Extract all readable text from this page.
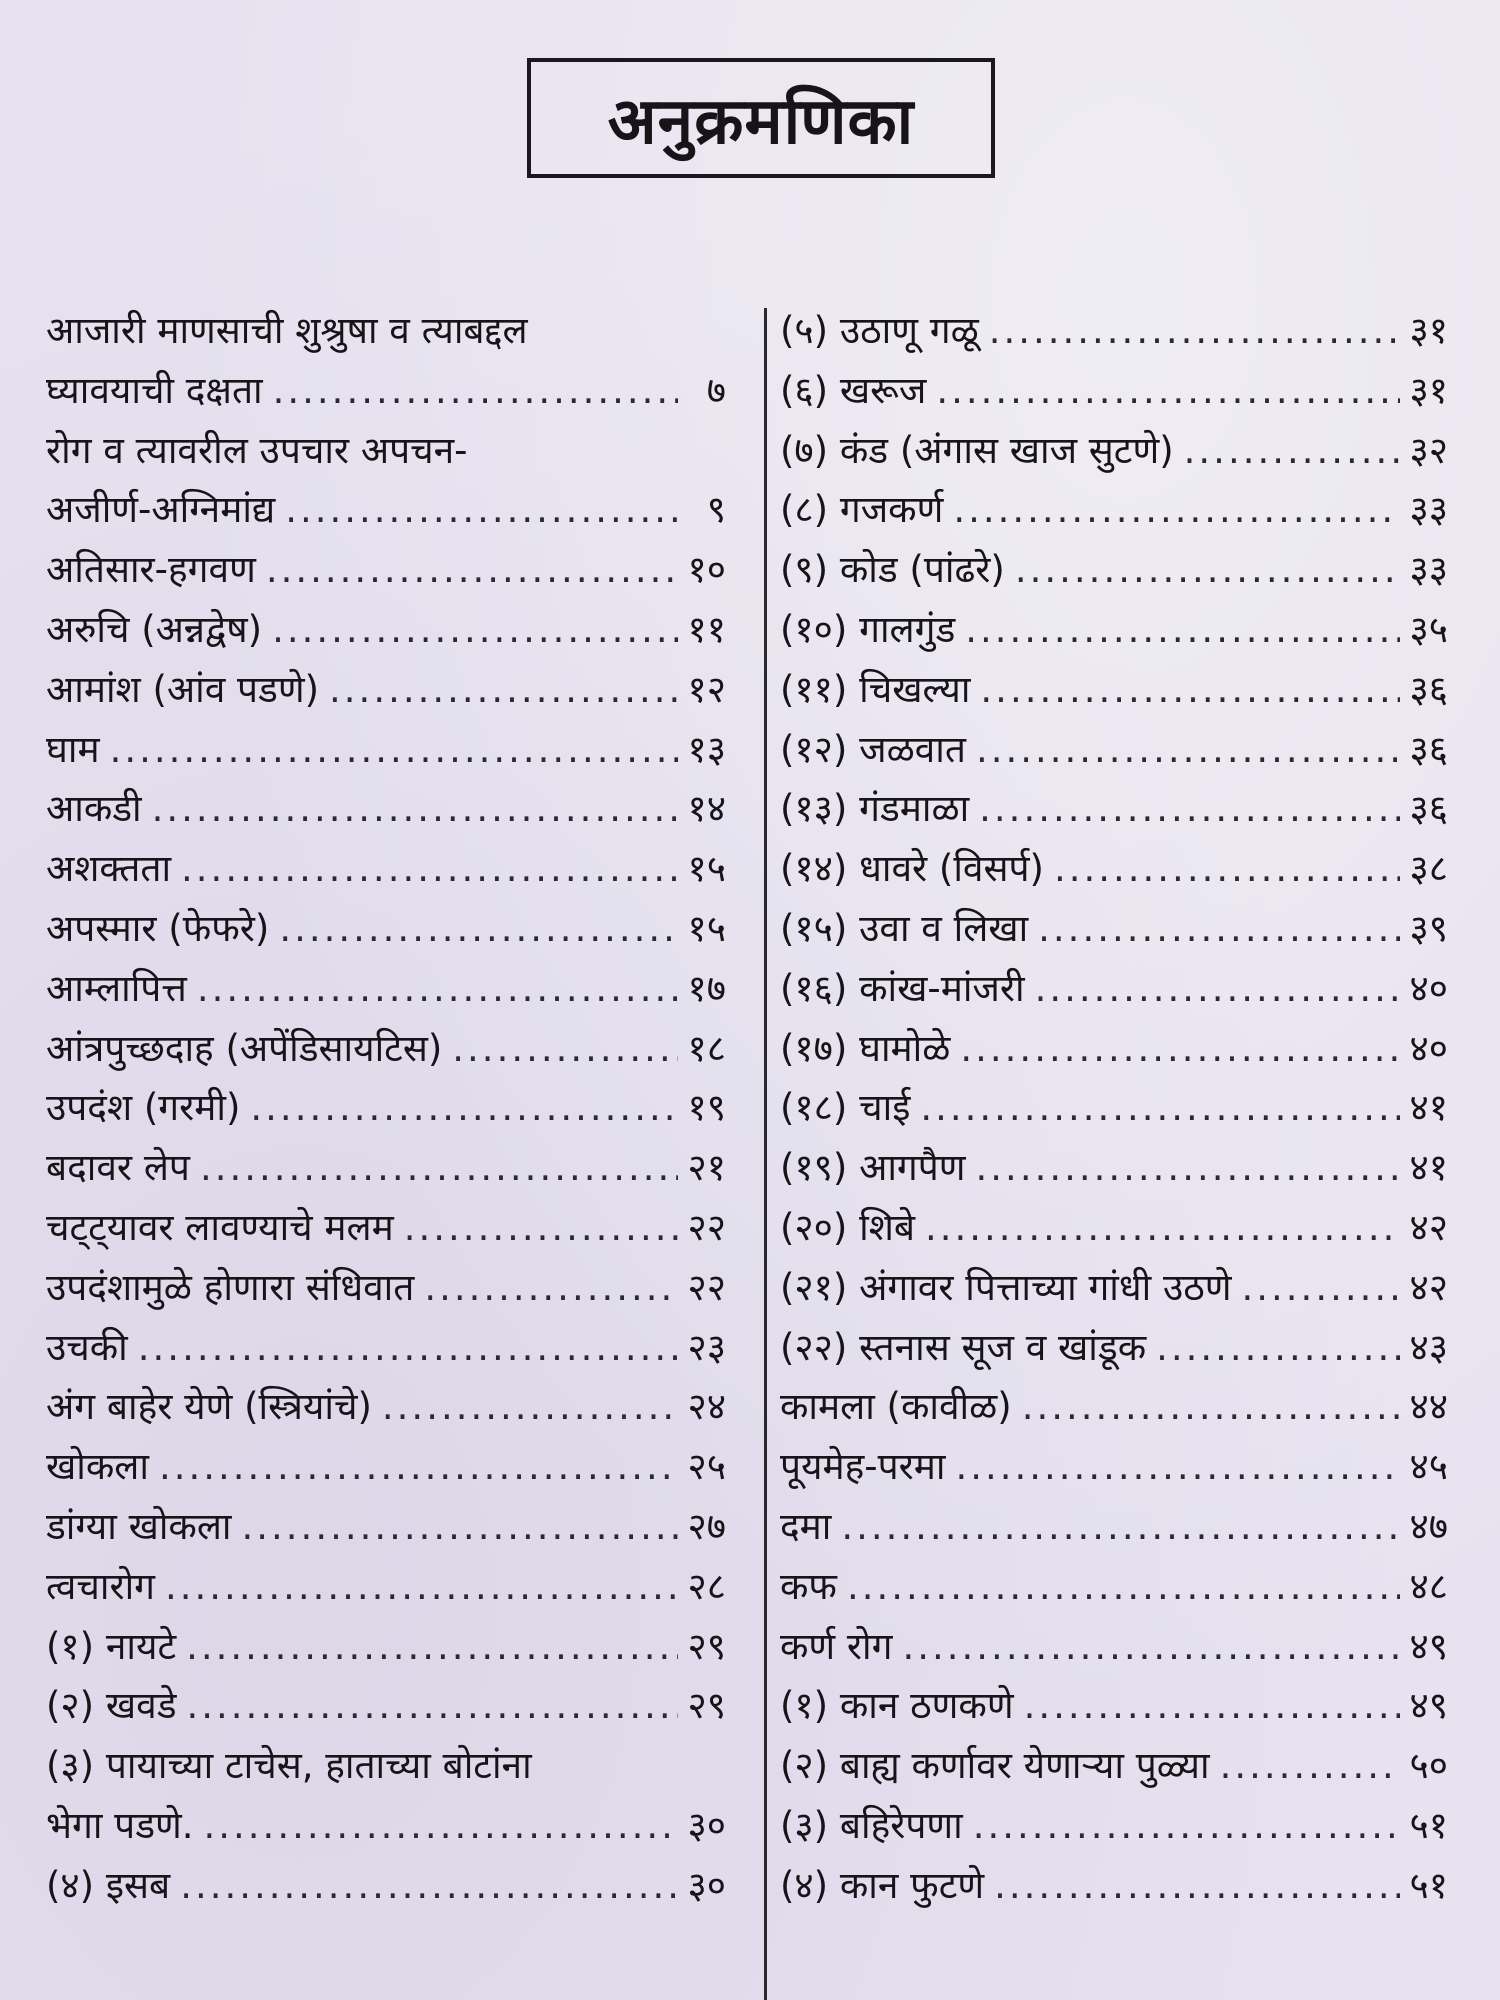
अनुक्रमणिका
आजारी माणसाची शुश्रुषा व त्याबद्दल
घ्यावयाची दक्षता .....	७
रोग व त्यावरील उपचार अपचन-
अजीर्ण-अग्निमांद्य .....	९
अतिसार-हगवण .....	१०
अरुचि (अन्नद्वेष) .....	११
आमांश (आंव पडणे) .....	१२
घाम .....	१३
आकडी .....	१४
अशक्तता .....	१५
अपस्मार (फेफरे) .....	१५
आम्लापित्त .....	१७
आंत्रपुच्छदाह (अपेंडिसायटिस) .....	१८
उपदंश (गरमी) .....	१९
बदावर लेप .....	२१
चट्ट्यावर लावण्याचे मलम .....	२२
उपदंशामुळे होणारा संधिवात .....	२२
उचकी .....	२३
अंग बाहेर येणे (स्त्रियांचे) .....	२४
खोकला .....	२५
डांग्या खोकला .....	२७
त्वचारोग .....	२८
(१) नायटे .....	२९
(२) खवडे .....	२९
(३) पायाच्या टाचेस, हाताच्या बोटांना
भेगा पडणे. .....	३०
(४) इसब .....	३०
(५) उठाणू गळू .....	३१
(६) खरूज .....	३१
(७) कंड (अंगास खाज सुटणे) .....	३२
(८) गजकर्ण .....	३३
(९) कोड (पांढरे) .....	३३
(१०) गालगुंड .....	३५
(११) चिखल्या .....	३६
(१२) जळवात .....	३६
(१३) गंडमाळा .....	३६
(१४) धावरे (विसर्प) .....	३८
(१५) उवा व लिखा .....	३९
(१६) कांख-मांजरी .....	४०
(१७) घामोळे .....	४०
(१८) चाई .....	४१
(१९) आगपैण .....	४१
(२०) शिबे .....	४२
(२१) अंगावर पित्ताच्या गांधी उठणे .....	४२
(२२) स्तनास सूज व खांडूक .....	४३
कामला (कावीळ) .....	४४
पूयमेह-परमा .....	४५
दमा .....	४७
कफ .....	४८
कर्ण रोग .....	४९
(१) कान ठणकणे .....	४९
(२) बाह्य कर्णावर येणाऱ्या पुळ्या .....	५०
(३) बहिरेपणा .....	५१
(४) कान फुटणे .....	५१
